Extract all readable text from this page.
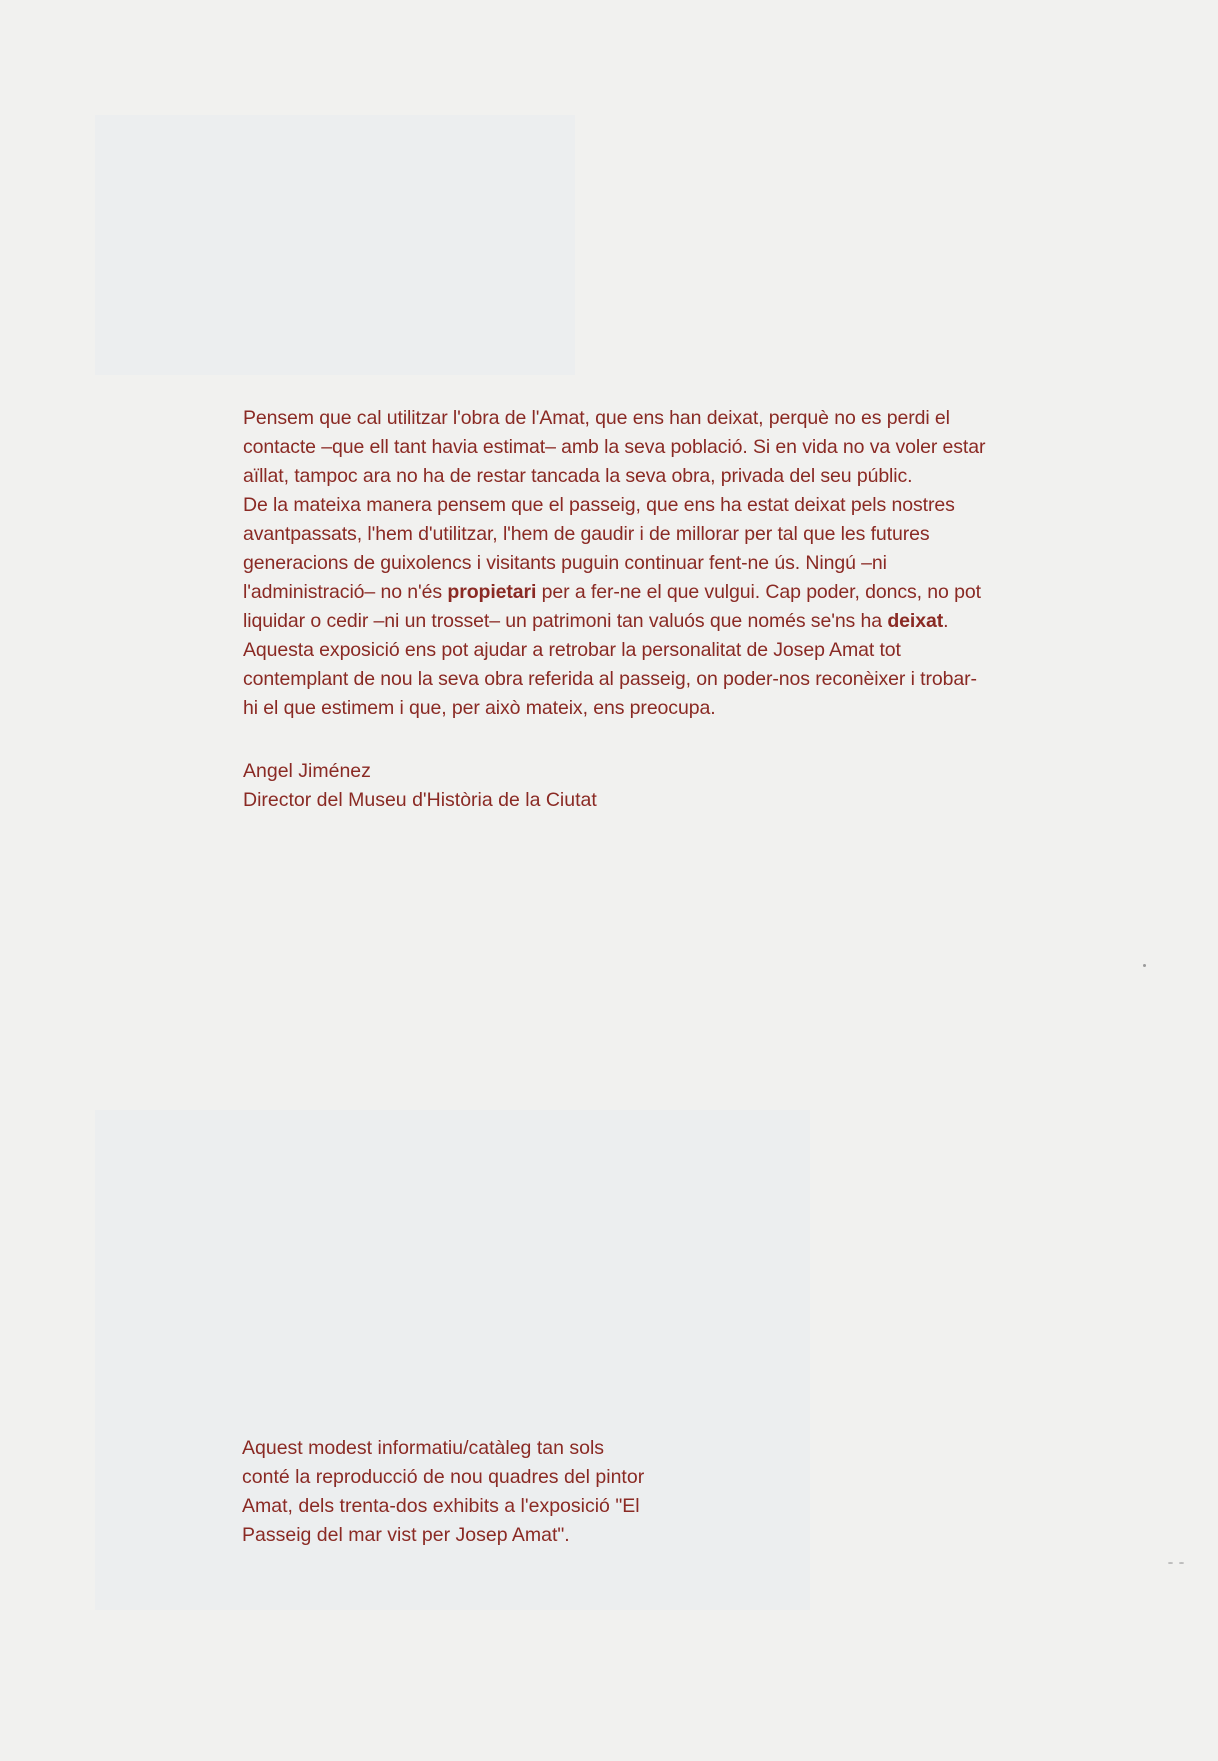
Pensem que cal utilitzar l'obra de l'Amat, que ens han deixat, perquè no es perdi el
contacte –que ell tant havia estimat– amb la seva població. Si en vida no va voler estar
aïllat, tampoc ara no ha de restar tancada la seva obra, privada del seu públic.

De la mateixa manera pensem que el passeig, que ens ha estat deixat pels nostres
avantpassats, l'hem d'utilitzar, l'hem de gaudir i de millorar per tal que les futures
generacions de guixolencs i visitants puguin continuar fent-ne ús. Ningú –ni
l'administració– no n'és propietari per a fer-ne el que vulgui. Cap poder, doncs, no pot
liquidar o cedir –ni un trosset– un patrimoni tan valuós que només se'ns ha deixat.

Aquesta exposició ens pot ajudar a retrobar la personalitat de Josep Amat tot
contemplant de nou la seva obra referida al passeig, on poder-nos reconèixer i trobar-
hi el que estimem i que, per això mateix, ens preocupa.

Angel Jiménez
Director del Museu d'Història de la Ciutat
Aquest modest informatiu/catàleg tan sols
conté la reproducció de nou quadres del pintor
Amat, dels trenta-dos exhibits a l'exposició "El
Passeig del mar vist per Josep Amat".
